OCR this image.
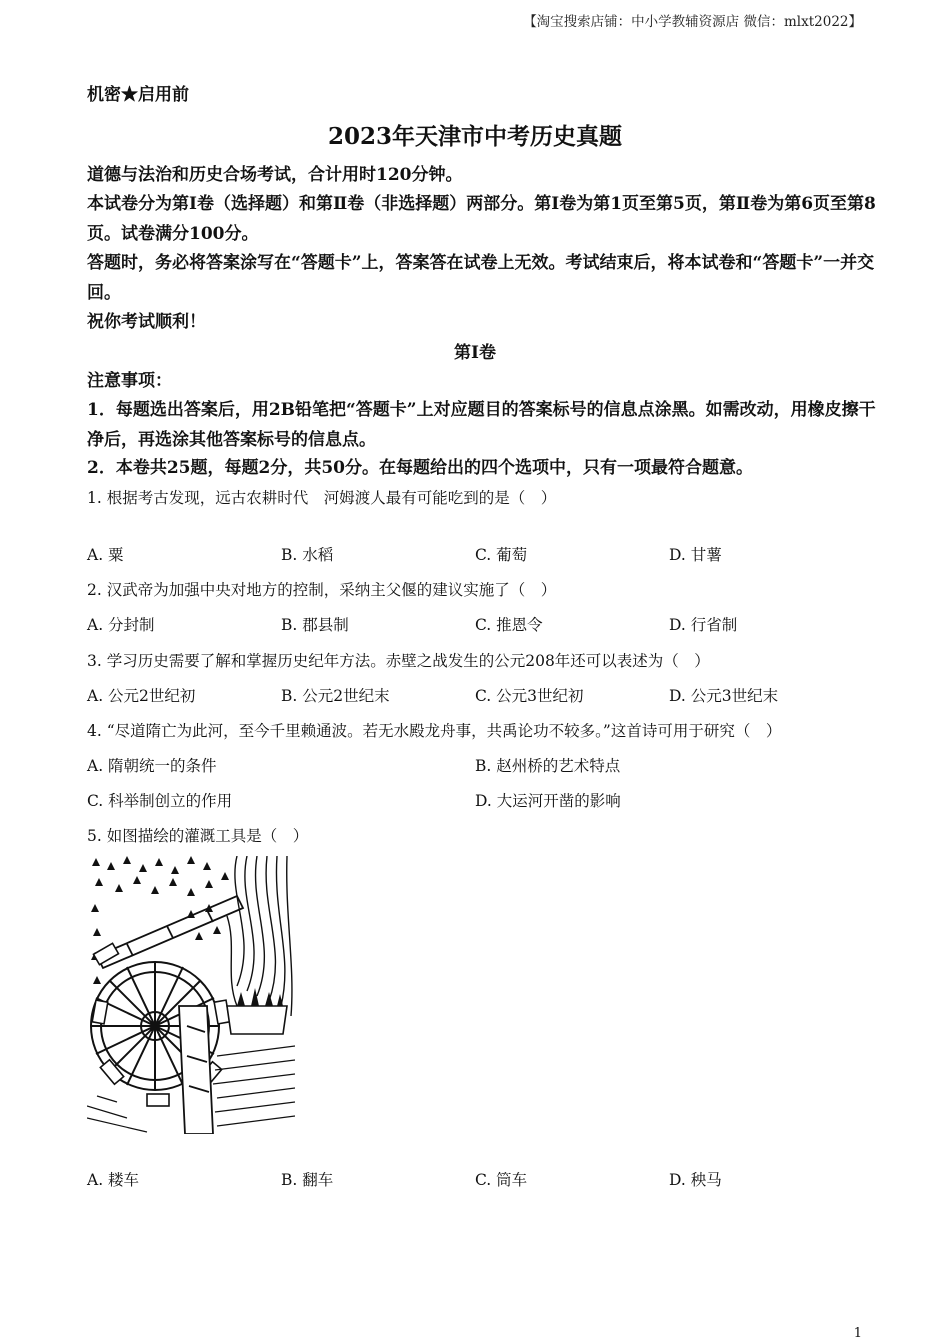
【淘宝搜索店铺：中小学教辅资源店 微信：mlxt2022】
机密★启用前
2023年天津市中考历史真题
道德与法治和历史合场考试，合计用时120分钟。
本试卷分为第Ⅰ卷（选择题）和第Ⅱ卷（非选择题）两部分。第Ⅰ卷为第1页至第5页，第Ⅱ卷为第6页至第8页。试卷满分100分。
答题时，务必将答案涂写在“答题卡”上，答案答在试卷上无效。考试结束后，将本试卷和“答题卡”一并交回。
祝你考试顺利！
第Ⅰ卷
注意事项：
1．每题选出答案后，用2B铅笔把“答题卡”上对应题目的答案标号的信息点涂黑。如需改动，用橡皮擦干净后，再选涂其他答案标号的信息点。
2．本卷共25题，每题2分，共50分。在每题给出的四个选项中，只有一项最符合题意。
1. 根据考古发现，远古农耕时代　河姆渡人最有可能吃到的是（　）
A. 粟	B. 水稻	C. 葡萄	D. 甘薯
2. 汉武帝为加强中央对地方的控制，采纳主父偃的建议实施了（　）
A. 分封制	B. 郡县制	C. 推恩令	D. 行省制
3. 学习历史需要了解和掌握历史纪年方法。赤壁之战发生的公元208年还可以表述为（　）
A. 公元2世纪初	B. 公元2世纪末	C. 公元3世纪初	D. 公元3世纪末
4. “尽道隋亡为此河，至今千里赖通波。若无水殿龙舟事，共禹论功不较多。”这首诗可用于研究（　）
A. 隋朝统一的条件	B. 赵州桥的艺术特点
C. 科举制创立的作用	D. 大运河开凿的影响
5. 如图描绘的灌溉工具是（　）
A. 耧车	B. 翻车	C. 筒车	D. 秧马
1
